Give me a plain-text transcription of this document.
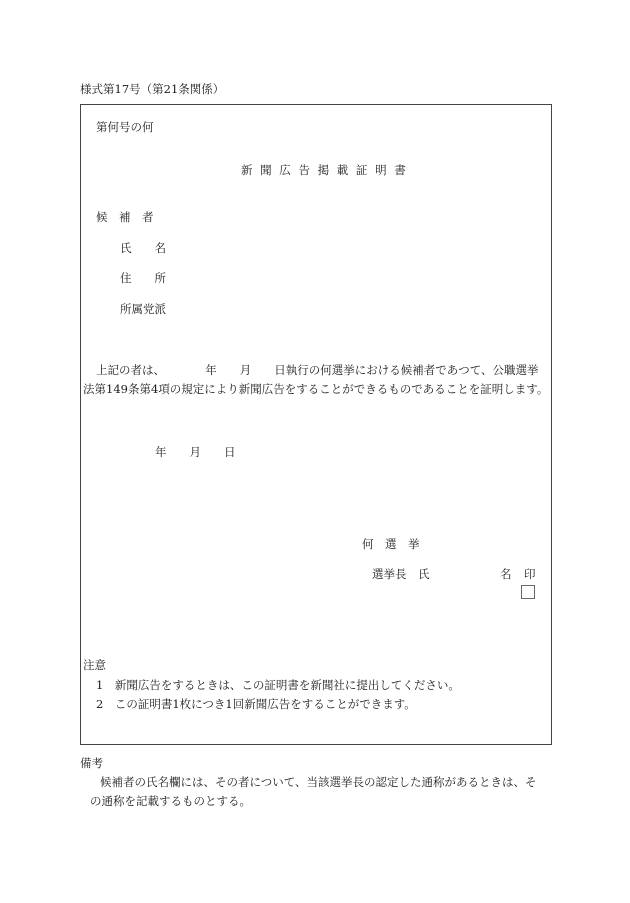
様式第17号（第21条関係）
第何号の何
新 聞 広 告 掲 載 証 明 書
候　補　者
氏　　名
住　　所
所属党派
上記の者は、　　　　年　　月　　日執行の何選挙における候補者であつて、公職選挙
法第149条第4項の規定により新聞広告をすることができるものであることを証明します。
年　　月　　日
何　選　挙
選挙長　氏	名 印
注意
1　新聞広告をするときは、この証明書を新聞社に提出してください。
2　この証明書1枚につき1回新聞広告をすることができます。
備考
候補者の氏名欄には、その者について、当該選挙長の認定した通称があるときは、そ
の通称を記載するものとする。
